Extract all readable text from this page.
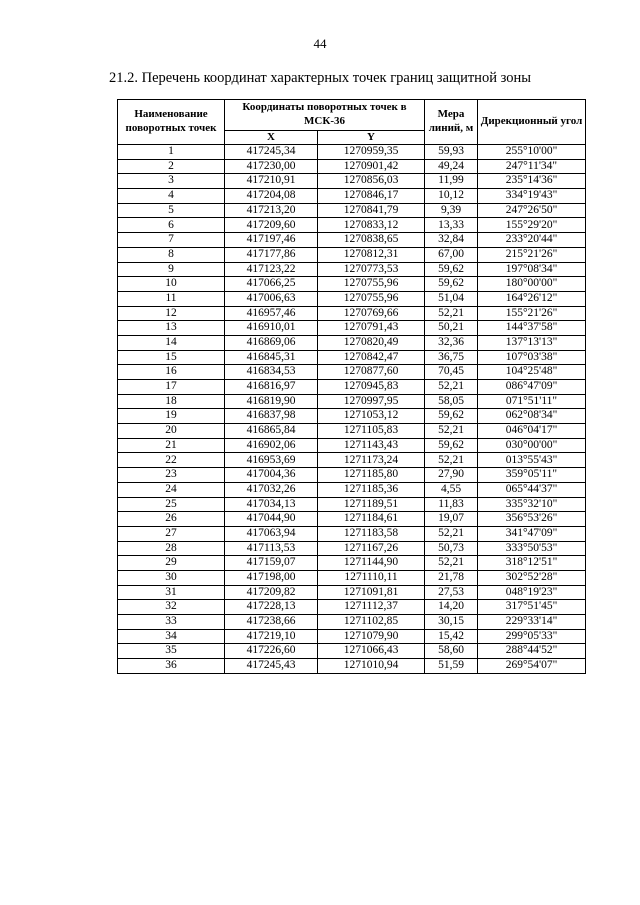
44
21.2. Перечень координат характерных точек границ защитной зоны
Наименование поворотных точек	Координаты поворотных точек в МСК-36		Мера линий, м	Дирекционный угол
	X	Y		
1	417245,34	1270959,35	59,93	255°10'00"
2	417230,00	1270901,42	49,24	247°11'34"
3	417210,91	1270856,03	11,99	235°14'36"
4	417204,08	1270846,17	10,12	334°19'43"
5	417213,20	1270841,79	9,39	247°26'50"
6	417209,60	1270833,12	13,33	155°29'20"
7	417197,46	1270838,65	32,84	233°20'44"
8	417177,86	1270812,31	67,00	215°21'26"
9	417123,22	1270773,53	59,62	197°08'34"
10	417066,25	1270755,96	59,62	180°00'00"
11	417006,63	1270755,96	51,04	164°26'12"
12	416957,46	1270769,66	52,21	155°21'26"
13	416910,01	1270791,43	50,21	144°37'58"
14	416869,06	1270820,49	32,36	137°13'13"
15	416845,31	1270842,47	36,75	107°03'38"
16	416834,53	1270877,60	70,45	104°25'48"
17	416816,97	1270945,83	52,21	086°47'09"
18	416819,90	1270997,95	58,05	071°51'11"
19	416837,98	1271053,12	59,62	062°08'34"
20	416865,84	1271105,83	52,21	046°04'17"
21	416902,06	1271143,43	59,62	030°00'00"
22	416953,69	1271173,24	52,21	013°55'43"
23	417004,36	1271185,80	27,90	359°05'11"
24	417032,26	1271185,36	4,55	065°44'37"
25	417034,13	1271189,51	11,83	335°32'10"
26	417044,90	1271184,61	19,07	356°53'26"
27	417063,94	1271183,58	52,21	341°47'09"
28	417113,53	1271167,26	50,73	333°50'53"
29	417159,07	1271144,90	52,21	318°12'51"
30	417198,00	1271110,11	21,78	302°52'28"
31	417209,82	1271091,81	27,53	048°19'23"
32	417228,13	1271112,37	14,20	317°51'45"
33	417238,66	1271102,85	30,15	229°33'14"
34	417219,10	1271079,90	15,42	299°05'33"
35	417226,60	1271066,43	58,60	288°44'52"
36	417245,43	1271010,94	51,59	269°54'07"
